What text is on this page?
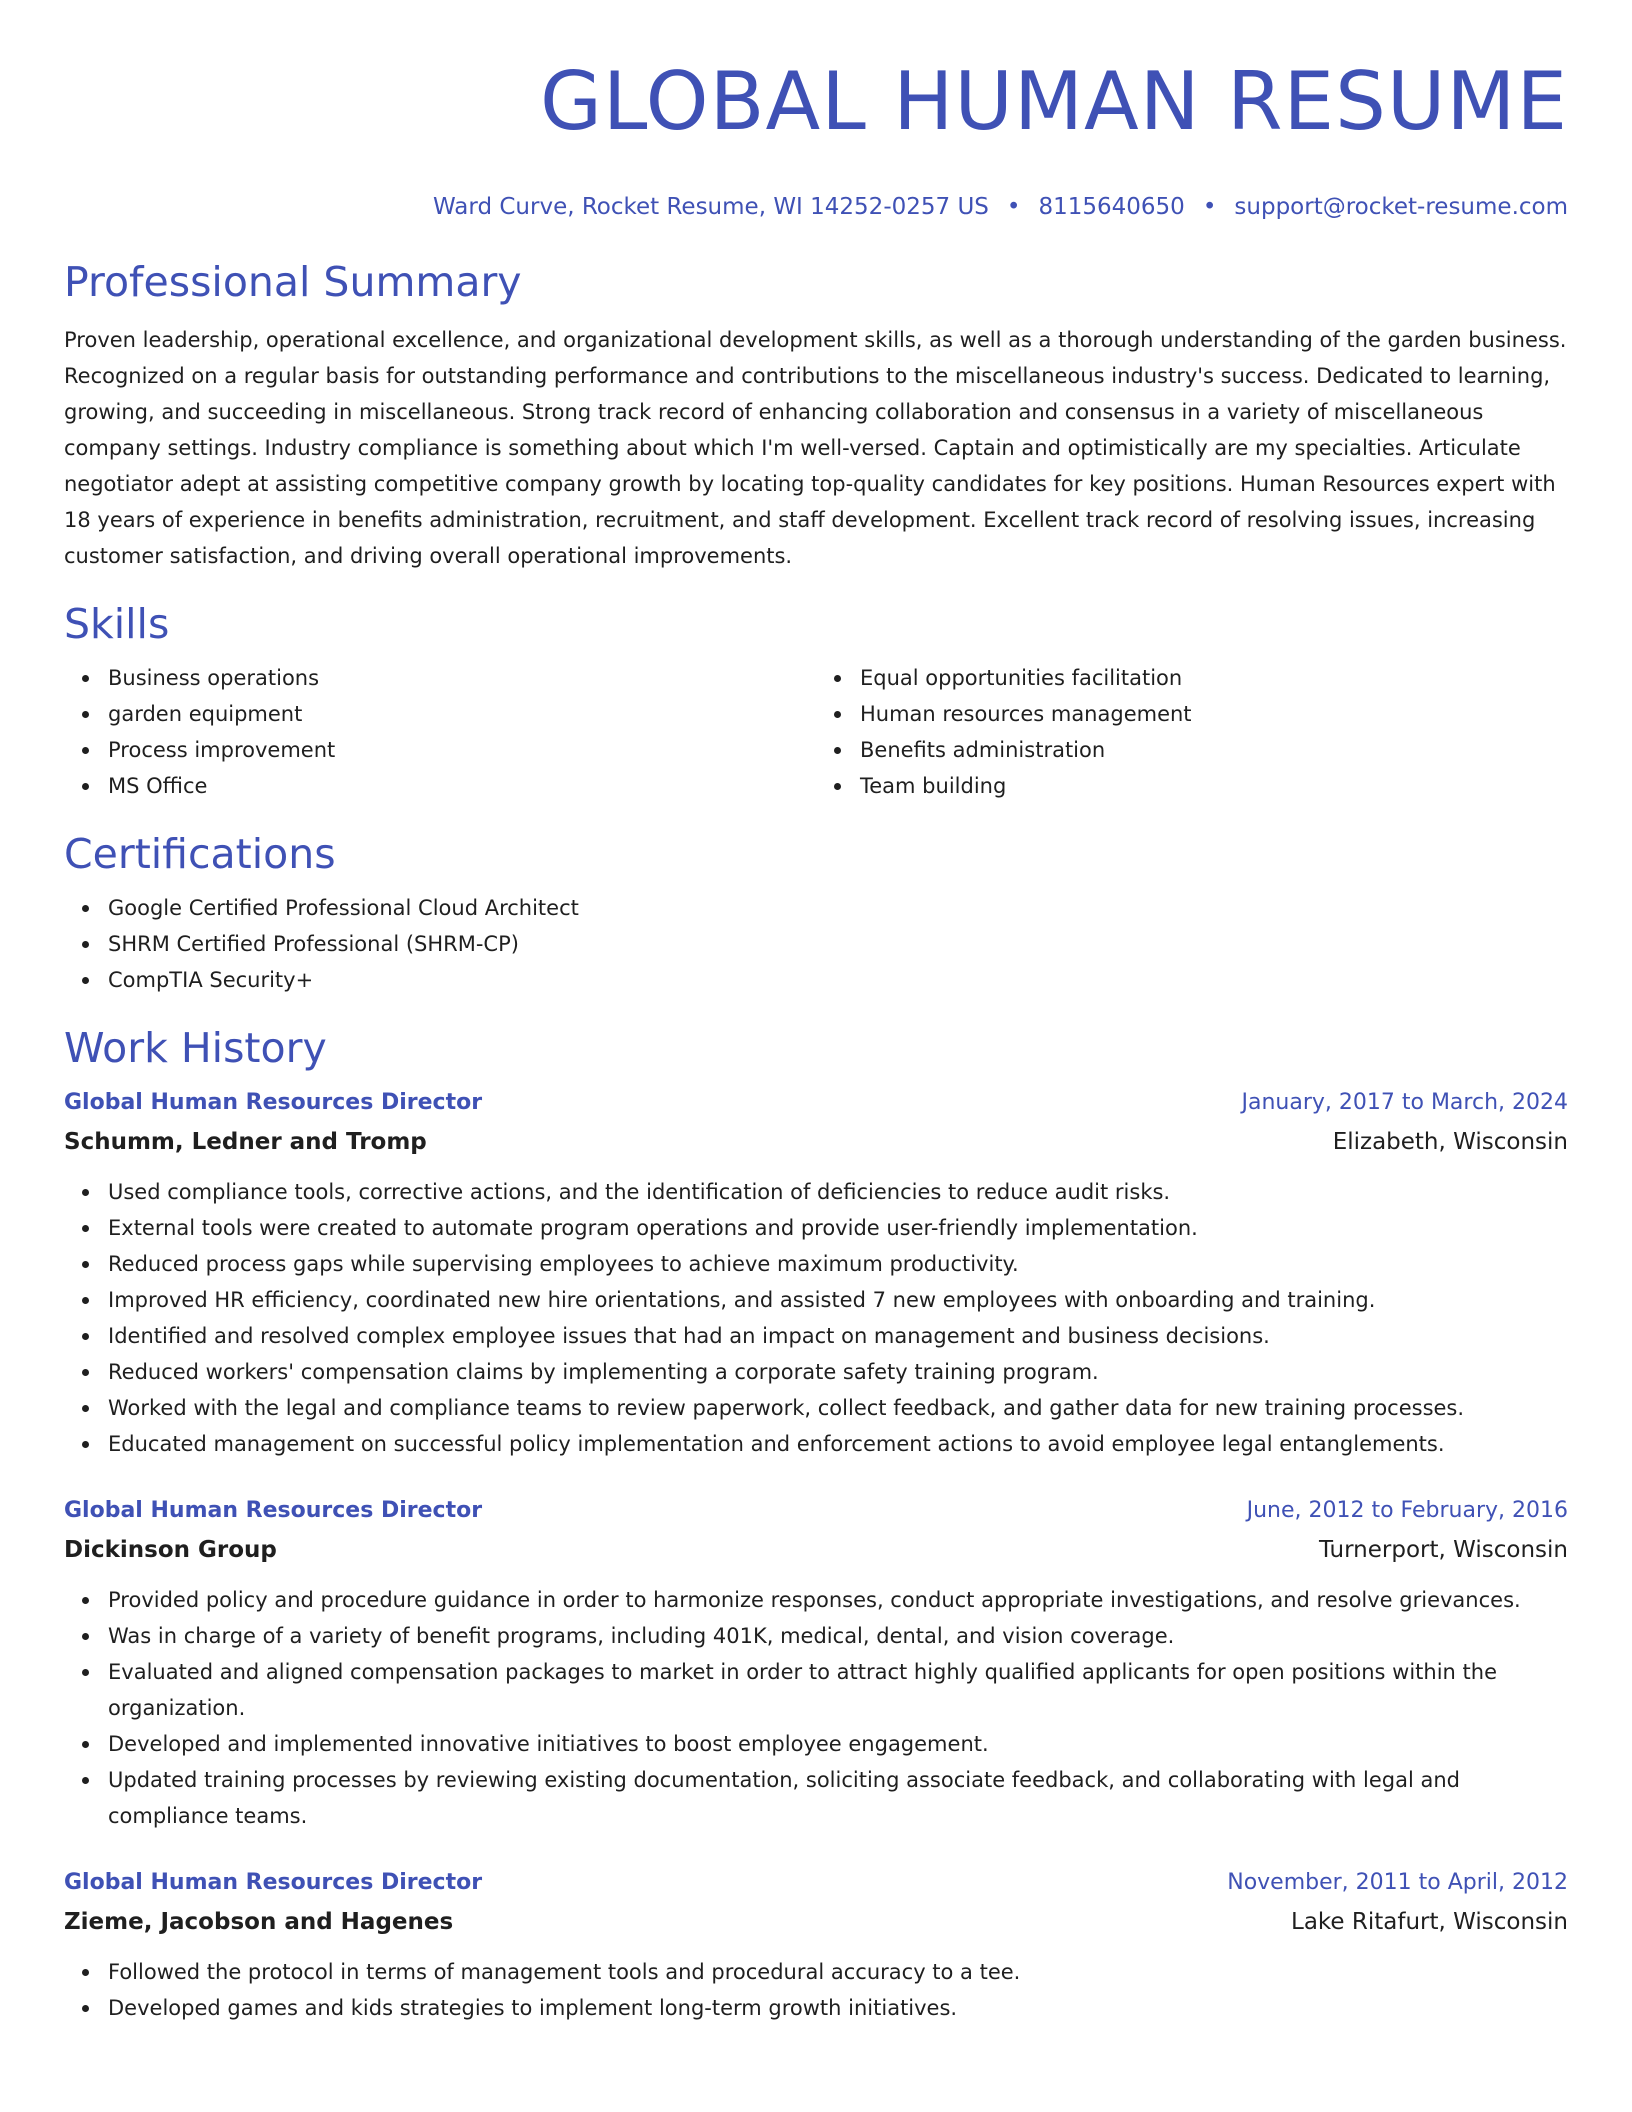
GLOBAL HUMAN RESUME
Ward Curve, Rocket Resume, WI 14252-0257 US • 8115640650 • support@rocket-resume.com
Professional Summary

Proven leadership, operational excellence, and organizational development skills, as well as a thorough understanding of the garden business. Recognized on a regular basis for outstanding performance and contributions to the miscellaneous industry's success. Dedicated to learning, growing, and succeeding in miscellaneous. Strong track record of enhancing collaboration and consensus in a variety of miscellaneous company settings. Industry compliance is something about which I'm well-versed. Captain and optimistically are my specialties. Articulate negotiator adept at assisting competitive company growth by locating top-quality candidates for key positions. Human Resources expert with 18 years of experience in benefits administration, recruitment, and staff development. Excellent track record of resolving issues, increasing customer satisfaction, and driving overall operational improvements.

Skills
Business operations
garden equipment
Process improvement
MS Office
Equal opportunities facilitation
Human resources management
Benefits administration
Team building
Certifications
Google Certified Professional Cloud Architect
SHRM Certified Professional (SHRM-CP)
CompTIA Security+
Work History
Global Human Resources Director	January, 2017 to March, 2024
Schumm, Ledner and Tromp	Elizabeth, Wisconsin
Used compliance tools, corrective actions, and the identification of deficiencies to reduce audit risks.
External tools were created to automate program operations and provide user-friendly implementation.
Reduced process gaps while supervising employees to achieve maximum productivity.
Improved HR efficiency, coordinated new hire orientations, and assisted 7 new employees with onboarding and training.
Identified and resolved complex employee issues that had an impact on management and business decisions.
Reduced workers' compensation claims by implementing a corporate safety training program.
Worked with the legal and compliance teams to review paperwork, collect feedback, and gather data for new training processes.
Educated management on successful policy implementation and enforcement actions to avoid employee legal entanglements.
Global Human Resources Director	June, 2012 to February, 2016
Dickinson Group	Turnerport, Wisconsin
Provided policy and procedure guidance in order to harmonize responses, conduct appropriate investigations, and resolve grievances.
Was in charge of a variety of benefit programs, including 401K, medical, dental, and vision coverage.
Evaluated and aligned compensation packages to market in order to attract highly qualified applicants for open positions within the organization.
Developed and implemented innovative initiatives to boost employee engagement.
Updated training processes by reviewing existing documentation, soliciting associate feedback, and collaborating with legal and compliance teams.
Global Human Resources Director	November, 2011 to April, 2012
Zieme, Jacobson and Hagenes	Lake Ritafurt, Wisconsin
Followed the protocol in terms of management tools and procedural accuracy to a tee.
Developed games and kids strategies to implement long-term growth initiatives.
